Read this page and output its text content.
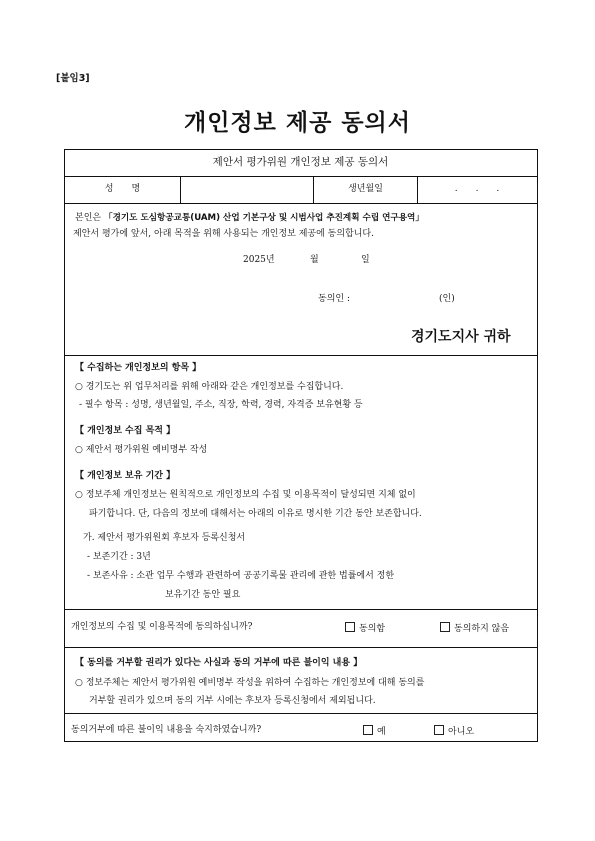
[붙임3]
개인정보 제공 동의서
제안서 평가위원 개인정보 제공 동의서
성　　명	생년월일	.　　.　　.
본인은 「경기도 도심항공교통(UAM) 산업 기본구상 및 시범사업 추진계획 수립 연구용역」
제안서 평가에 앞서, 아래 목적을 위해 사용되는 개인정보 제공에 동의합니다.
2025년	월	일
동의인 :	(인)
경기도지사 귀하
【 수집하는 개인정보의 항목 】
○ 경기도는 위 업무처리를 위해 아래와 같은 개인정보를 수집합니다.
- 필수 항목 : 성명, 생년월일, 주소, 직장, 학력, 경력, 자격증 보유현황 등
【 개인정보 수집 목적 】
○ 제안서 평가위원 예비명부 작성
【 개인정보 보유 기간 】
○ 정보주체 개인정보는 원칙적으로 개인정보의 수집 및 이용목적이 달성되면 지체 없이
파기합니다. 단, 다음의 정보에 대해서는 아래의 이유로 명시한 기간 동안 보존합니다.
가. 제안서 평가위원회 후보자 등록신청서
- 보존기간 : 3년
- 보존사유 : 소관 업무 수행과 관련하여 공공기록물 관리에 관한 법률에서 정한
보유기간 동안 필요
개인정보의 수집 및 이용목적에 동의하십니까?	동의함	동의하지 않음
【 동의를 거부할 권리가 있다는 사실과 동의 거부에 따른 불이익 내용 】
○ 정보주체는 제안서 평가위원 예비명부 작성을 위하여 수집하는 개인정보에 대해 동의를
거부할 권리가 있으며 동의 거부 시에는 후보자 등록신청에서 제외됩니다.
동의거부에 따른 불이익 내용을 숙지하였습니까?	예	아니오
